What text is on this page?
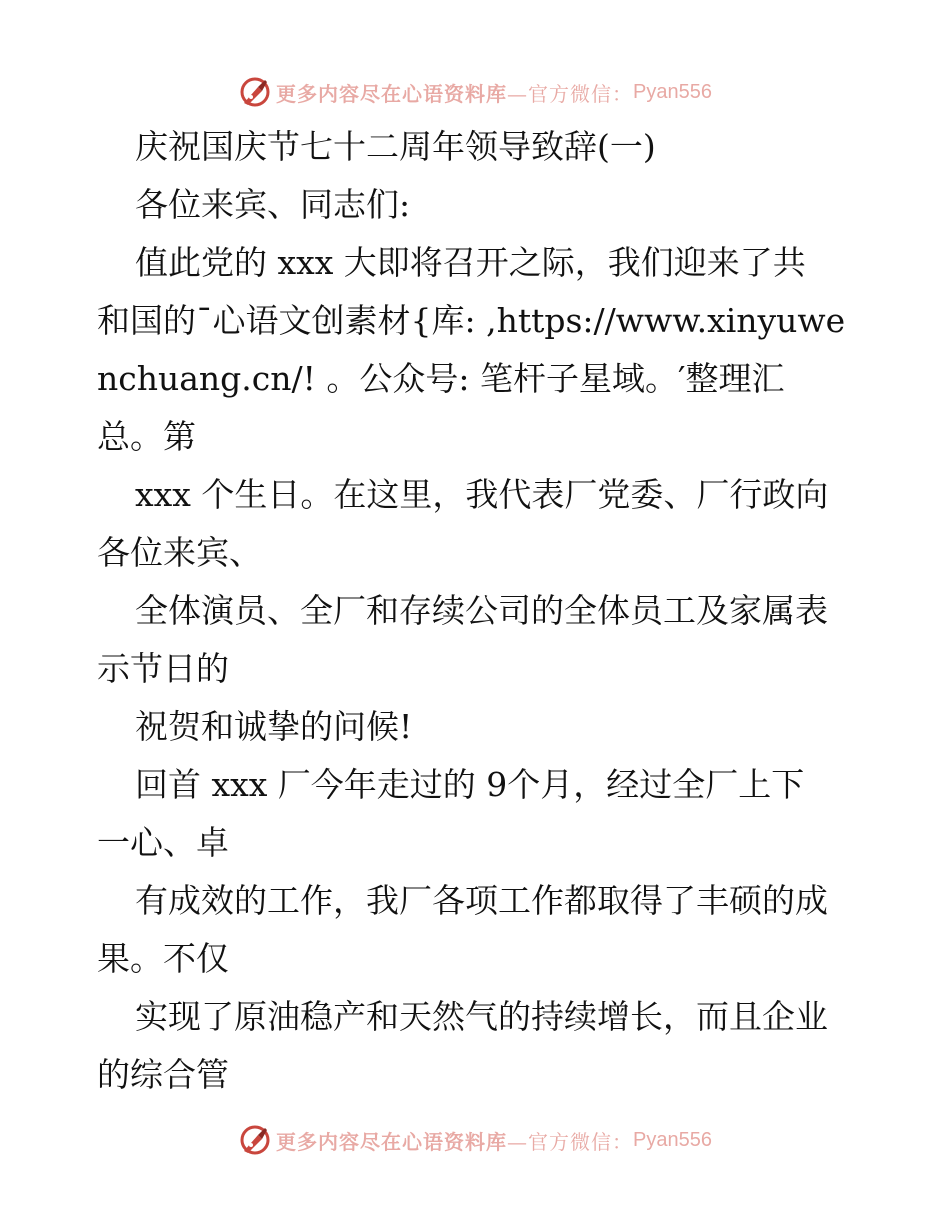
更多内容尽在心语资料库 —官方微信： Pyan556

庆祝国庆节七十二周年领导致辞(一)

各位来宾、同志们:

值此党的 xxx 大即将召开之际，我们迎来了共

和国的¯心语文创素材{库: ,https://www.xinyuwe

nchuang.cn/! 。公众号: 笔杆子星域。′整理汇

总。第

xxx 个生日。在这里，我代表厂党委、厂行政向

各位来宾、

全体演员、全厂和存续公司的全体员工及家属表

示节日的

祝贺和诚挚的问候!

回首 xxx 厂今年走过的 9个月，经过全厂上下

一心、卓

有成效的工作，我厂各项工作都取得了丰硕的成

果。不仅

实现了原油稳产和天然气的持续增长，而且企业

的综合管

更多内容尽在心语资料库 —官方微信： Pyan556
